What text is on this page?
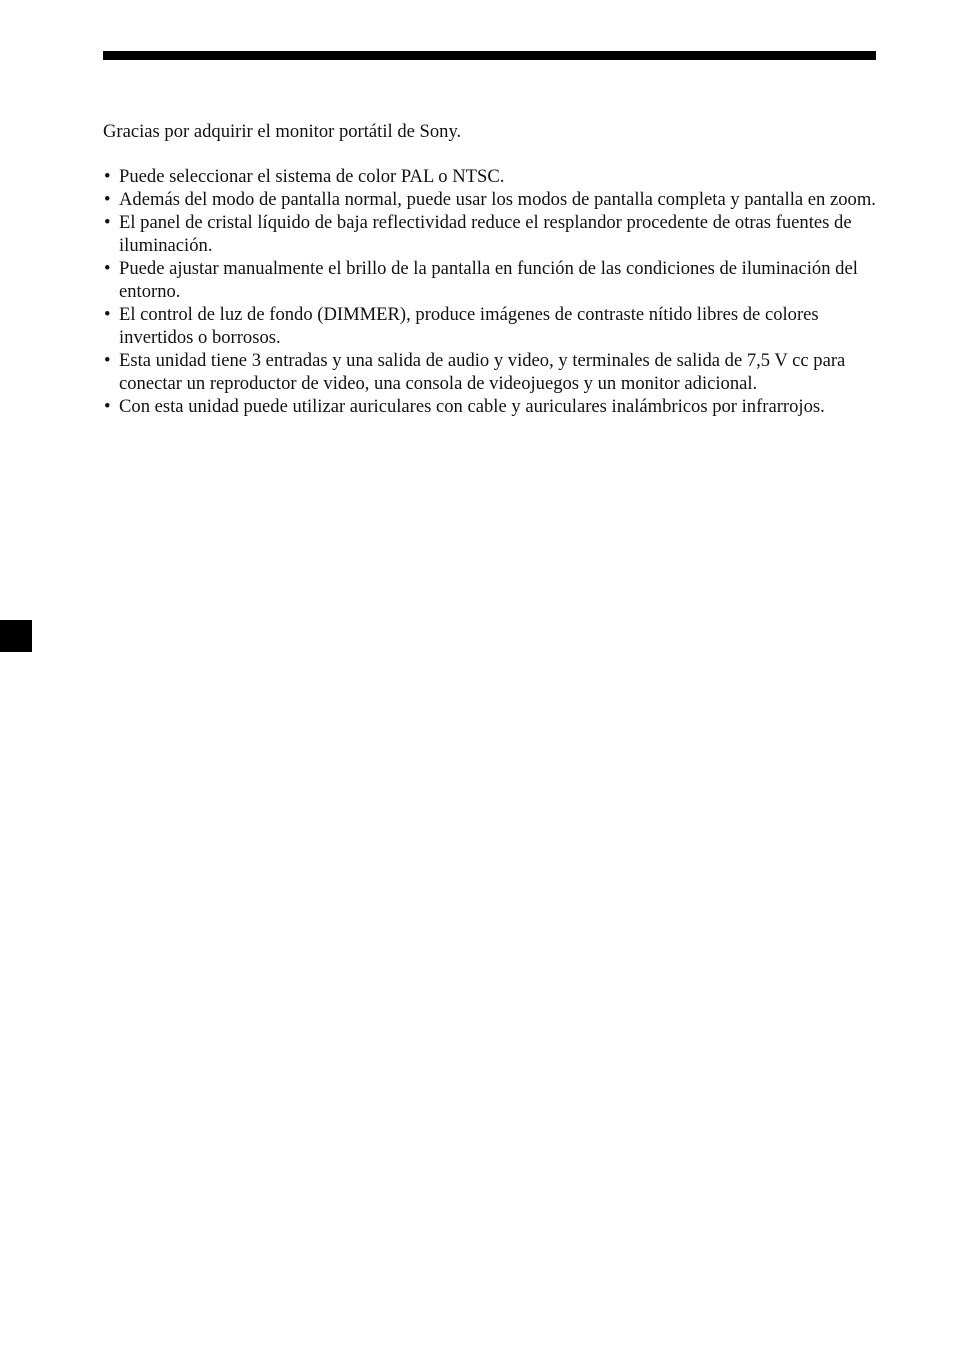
Gracias por adquirir el monitor portátil de Sony.

• Puede seleccionar el sistema de color PAL o NTSC.
• Además del modo de pantalla normal, puede usar los modos de pantalla completa y pantalla en zoom.
• El panel de cristal líquido de baja reflectividad reduce el resplandor procedente de otras fuentes de iluminación.
• Puede ajustar manualmente el brillo de la pantalla en función de las condiciones de iluminación del entorno.
• El control de luz de fondo (DIMMER), produce imágenes de contraste nítido libres de colores invertidos o borrosos.
• Esta unidad tiene 3 entradas y una salida de audio y video, y terminales de salida de 7,5 V cc para conectar un reproductor de video, una consola de videojuegos y un monitor adicional.
• Con esta unidad puede utilizar auriculares con cable y auriculares inalámbricos por infrarrojos.
